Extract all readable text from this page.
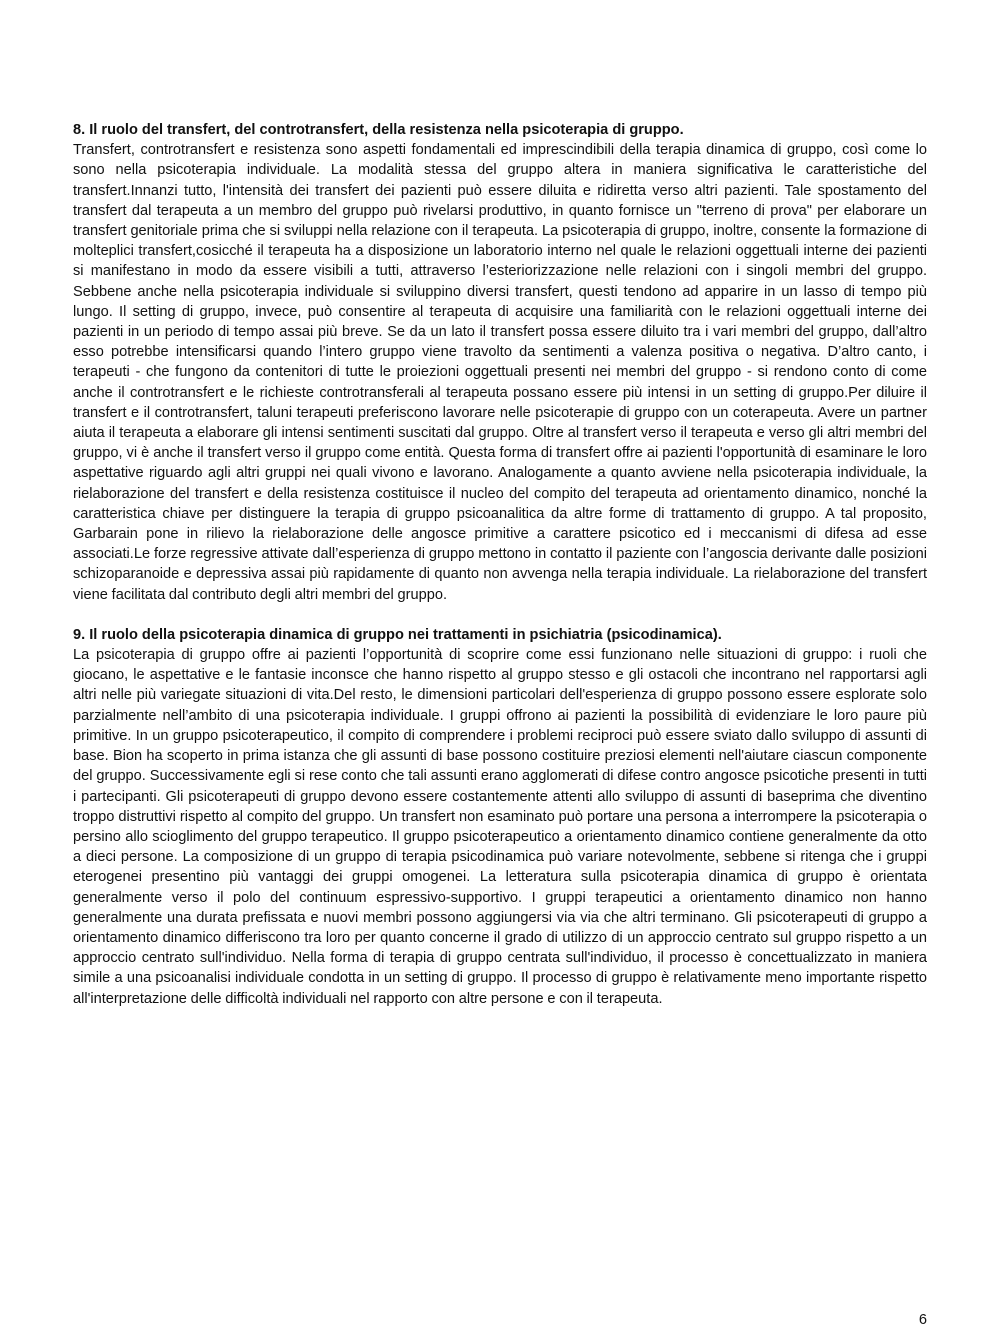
8. Il ruolo del transfert, del controtransfert, della resistenza nella psicoterapia di gruppo.

Transfert, controtransfert e resistenza sono aspetti fondamentali ed imprescindibili della terapia dinamica di gruppo, così come lo sono nella psicoterapia individuale. La modalità stessa del gruppo altera in maniera significativa le caratteristiche del transfert.Innanzi tutto, l'intensità dei transfert dei pazienti può essere diluita e ridiretta verso altri pazienti. Tale spostamento del transfert dal terapeuta a un membro del gruppo può rivelarsi produttivo, in quanto fornisce un "terreno di prova" per elaborare un transfert genitoriale prima che si sviluppi nella relazione con il terapeuta. La psicoterapia di gruppo, inoltre, consente la formazione di molteplici transfert,cosicché il terapeuta ha a disposizione un laboratorio interno nel quale le relazioni oggettuali interne dei pazienti si manifestano in modo da essere visibili a tutti, attraverso l’esteriorizzazione nelle relazioni con i singoli membri del gruppo. Sebbene anche nella psicoterapia individuale si sviluppino diversi transfert, questi tendono ad apparire in un lasso di tempo più lungo. Il setting di gruppo, invece, può consentire al terapeuta di acquisire una familiarità con le relazioni oggettuali interne dei pazienti in un periodo di tempo assai più breve. Se da un lato il transfert possa essere diluito tra i vari membri del gruppo, dall’altro esso potrebbe intensificarsi quando l’intero gruppo viene travolto da sentimenti a valenza positiva o negativa. D’altro canto, i terapeuti - che fungono da contenitori di tutte le proiezioni oggettuali presenti nei membri del gruppo - si rendono conto di come anche il controtransfert e le richieste controtransferali al terapeuta possano essere più intensi in un setting di gruppo.Per diluire il transfert e il controtransfert, taluni terapeuti preferiscono lavorare nelle psicoterapie di gruppo con un coterapeuta. Avere un partner aiuta il terapeuta a elaborare gli intensi sentimenti suscitati dal gruppo. Oltre al transfert verso il terapeuta e verso gli altri membri del gruppo, vi è anche il transfert verso il gruppo come entità. Questa forma di transfert offre ai pazienti l'opportunità di esaminare le loro aspettative riguardo agli altri gruppi nei quali vivono e lavorano. Analogamente a quanto avviene nella psicoterapia individuale, la rielaborazione del transfert e della resistenza costituisce il nucleo del compito del terapeuta ad orientamento dinamico, nonché la caratteristica chiave per distinguere la terapia di gruppo psicoanalitica da altre forme di trattamento di gruppo. A tal proposito, Garbarain pone in rilievo la rielaborazione delle angosce primitive a carattere psicotico ed i meccanismi di difesa ad esse associati.Le forze regressive attivate dall’esperienza di gruppo mettono in contatto il paziente con l’angoscia derivante dalle posizioni schizoparanoide e depressiva assai più rapidamente di quanto non avvenga nella terapia individuale. La rielaborazione del transfert viene facilitata dal contributo degli altri membri del gruppo.

9. Il ruolo della psicoterapia dinamica di gruppo nei trattamenti in psichiatria (psicodinamica).

La psicoterapia di gruppo offre ai pazienti l’opportunità di scoprire come essi funzionano nelle situazioni di gruppo: i ruoli che giocano, le aspettative e le fantasie inconsce che hanno rispetto al gruppo stesso e gli ostacoli che incontrano nel rapportarsi agli altri nelle più variegate situazioni di vita.Del resto, le dimensioni particolari dell'esperienza di gruppo possono essere esplorate solo parzialmente nell’ambito di una psicoterapia individuale. I gruppi offrono ai pazienti la possibilità di evidenziare le loro paure più primitive. In un gruppo psicoterapeutico, il compito di comprendere i problemi reciproci può essere sviato dallo sviluppo di assunti di base. Bion ha scoperto in prima istanza che gli assunti di base possono costituire preziosi elementi nell'aiutare ciascun componente del gruppo. Successivamente egli si rese conto che tali assunti erano agglomerati di difese contro angosce psicotiche presenti in tutti i partecipanti. Gli psicoterapeuti di gruppo devono essere costantemente attenti allo sviluppo di assunti di baseprima che diventino troppo distruttivi rispetto al compito del gruppo. Un transfert non esaminato può portare una persona a interrompere la psicoterapia o persino allo scioglimento del gruppo terapeutico. Il gruppo psicoterapeutico a orientamento dinamico contiene generalmente da otto a dieci persone. La composizione di un gruppo di terapia psicodinamica può variare notevolmente, sebbene si ritenga che i gruppi eterogenei presentino più vantaggi dei gruppi omogenei. La letteratura sulla psicoterapia dinamica di gruppo è orientata generalmente verso il polo del continuum espressivo-supportivo. I gruppi terapeutici a orientamento dinamico non hanno generalmente una durata prefissata e nuovi membri possono aggiungersi via via che altri terminano. Gli psicoterapeuti di gruppo a orientamento dinamico differiscono tra loro per quanto concerne il grado di utilizzo di un approccio centrato sul gruppo rispetto a un approccio centrato sull'individuo. Nella forma di terapia di gruppo centrata sull'individuo, il processo è concettualizzato in maniera simile a una psicoanalisi individuale condotta in un setting di gruppo. Il processo di gruppo è relativamente meno importante rispetto all'interpretazione delle difficoltà individuali nel rapporto con altre persone e con il terapeuta.

6
